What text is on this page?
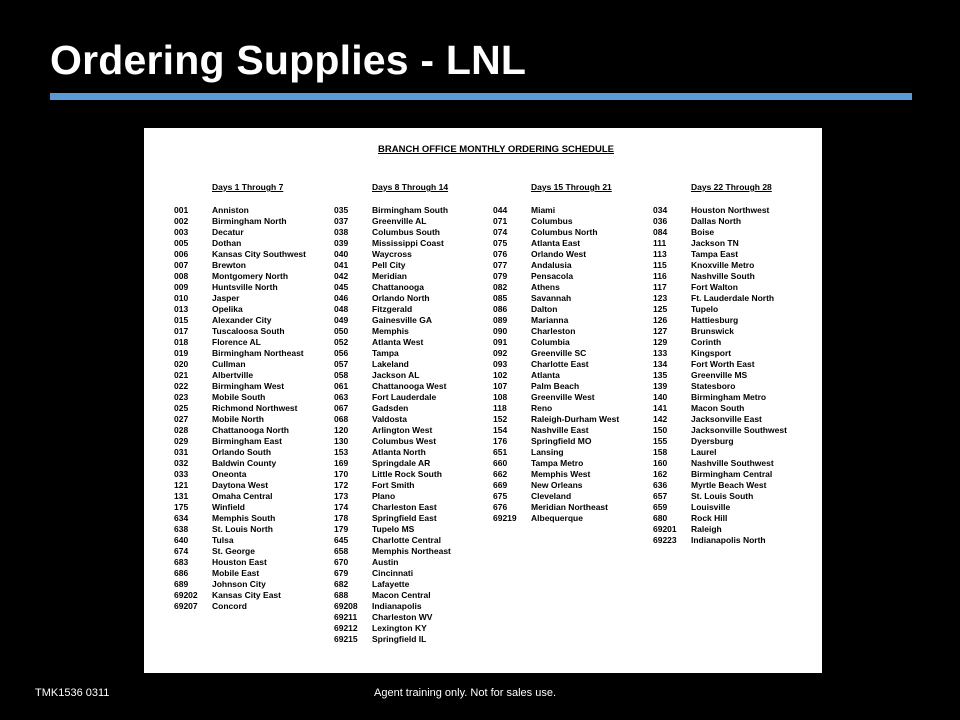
Ordering Supplies - LNL
BRANCH OFFICE MONTHLY ORDERING SCHEDULE
Days 1 Through 7
001	Anniston
002	Birmingham North
003	Decatur
005	Dothan
006	Kansas City Southwest
007	Brewton
008	Montgomery North
009	Huntsville North
010	Jasper
013	Opelika
015	Alexander City
017	Tuscaloosa South
018	Florence AL
019	Birmingham Northeast
020	Cullman
021	Albertville
022	Birmingham West
023	Mobile South
025	Richmond Northwest
027	Mobile North
028	Chattanooga North
029	Birmingham East
031	Orlando South
032	Baldwin County
033	Oneonta
121	Daytona West
131	Omaha Central
175	Winfield
634	Memphis South
638	St. Louis North
640	Tulsa
674	St. George
683	Houston East
686	Mobile East
689	Johnson City
69202 Kansas City East
69207 Concord
Days 8 Through 14
035	Birmingham South
037	Greenville AL
038	Columbus South
039	Mississippi Coast
040	Waycross
041	Pell City
042	Meridian
045	Chattanooga
046	Orlando North
048	Fitzgerald
049	Gainesville GA
050	Memphis
052	Atlanta West
056	Tampa
057	Lakeland
058	Jackson AL
061	Chattanooga West
063	Fort Lauderdale
067	Gadsden
068	Valdosta
120	Arlington West
130	Columbus West
153	Atlanta North
169	Springdale AR
170	Little Rock South
172	Fort Smith
173	Plano
174	Charleston East
178	Springfield East
179	Tupelo MS
645	Charlotte Central
658	Memphis Northeast
670	Austin
679	Cincinnati
682	Lafayette
688	Macon Central
69208 Indianapolis
69211 Charleston WV
69212 Lexington KY
69215 Springfield IL
Days 15 Through 21
044	Miami
071	Columbus
074	Columbus North
075	Atlanta East
076	Orlando West
077	Andalusia
079	Pensacola
082	Athens
085	Savannah
086	Dalton
089	Marianna
090	Charleston
091	Columbia
092	Greenville SC
093	Charlotte East
102	Atlanta
107	Palm Beach
108	Greenville West
118	Reno
152	Raleigh-Durham West
154	Nashville East
176	Springfield MO
651	Lansing
660	Tampa Metro
662	Memphis West
669	New Orleans
675	Cleveland
676	Meridian Northeast
69219 Albequerque
Days 22 Through 28
034	Houston Northwest
036	Dallas North
084	Boise
111	Jackson TN
113	Tampa East
115	Knoxville Metro
116	Nashville South
117	Fort Walton
123	Ft. Lauderdale North
125	Tupelo
126	Hattiesburg
127	Brunswick
129	Corinth
133	Kingsport
134	Fort Worth East
135	Greenville MS
139	Statesboro
140	Birmingham Metro
141	Macon South
142	Jacksonville East
150	Jacksonville Southwest
155	Dyersburg
158	Laurel
160	Nashville Southwest
162	Birmingham Central
636	Myrtle Beach West
657	St. Louis South
659	Louisville
680	Rock Hill
69201 Raleigh
69223 Indianapolis North
TMK1536 0311	Agent training only. Not for sales use.
